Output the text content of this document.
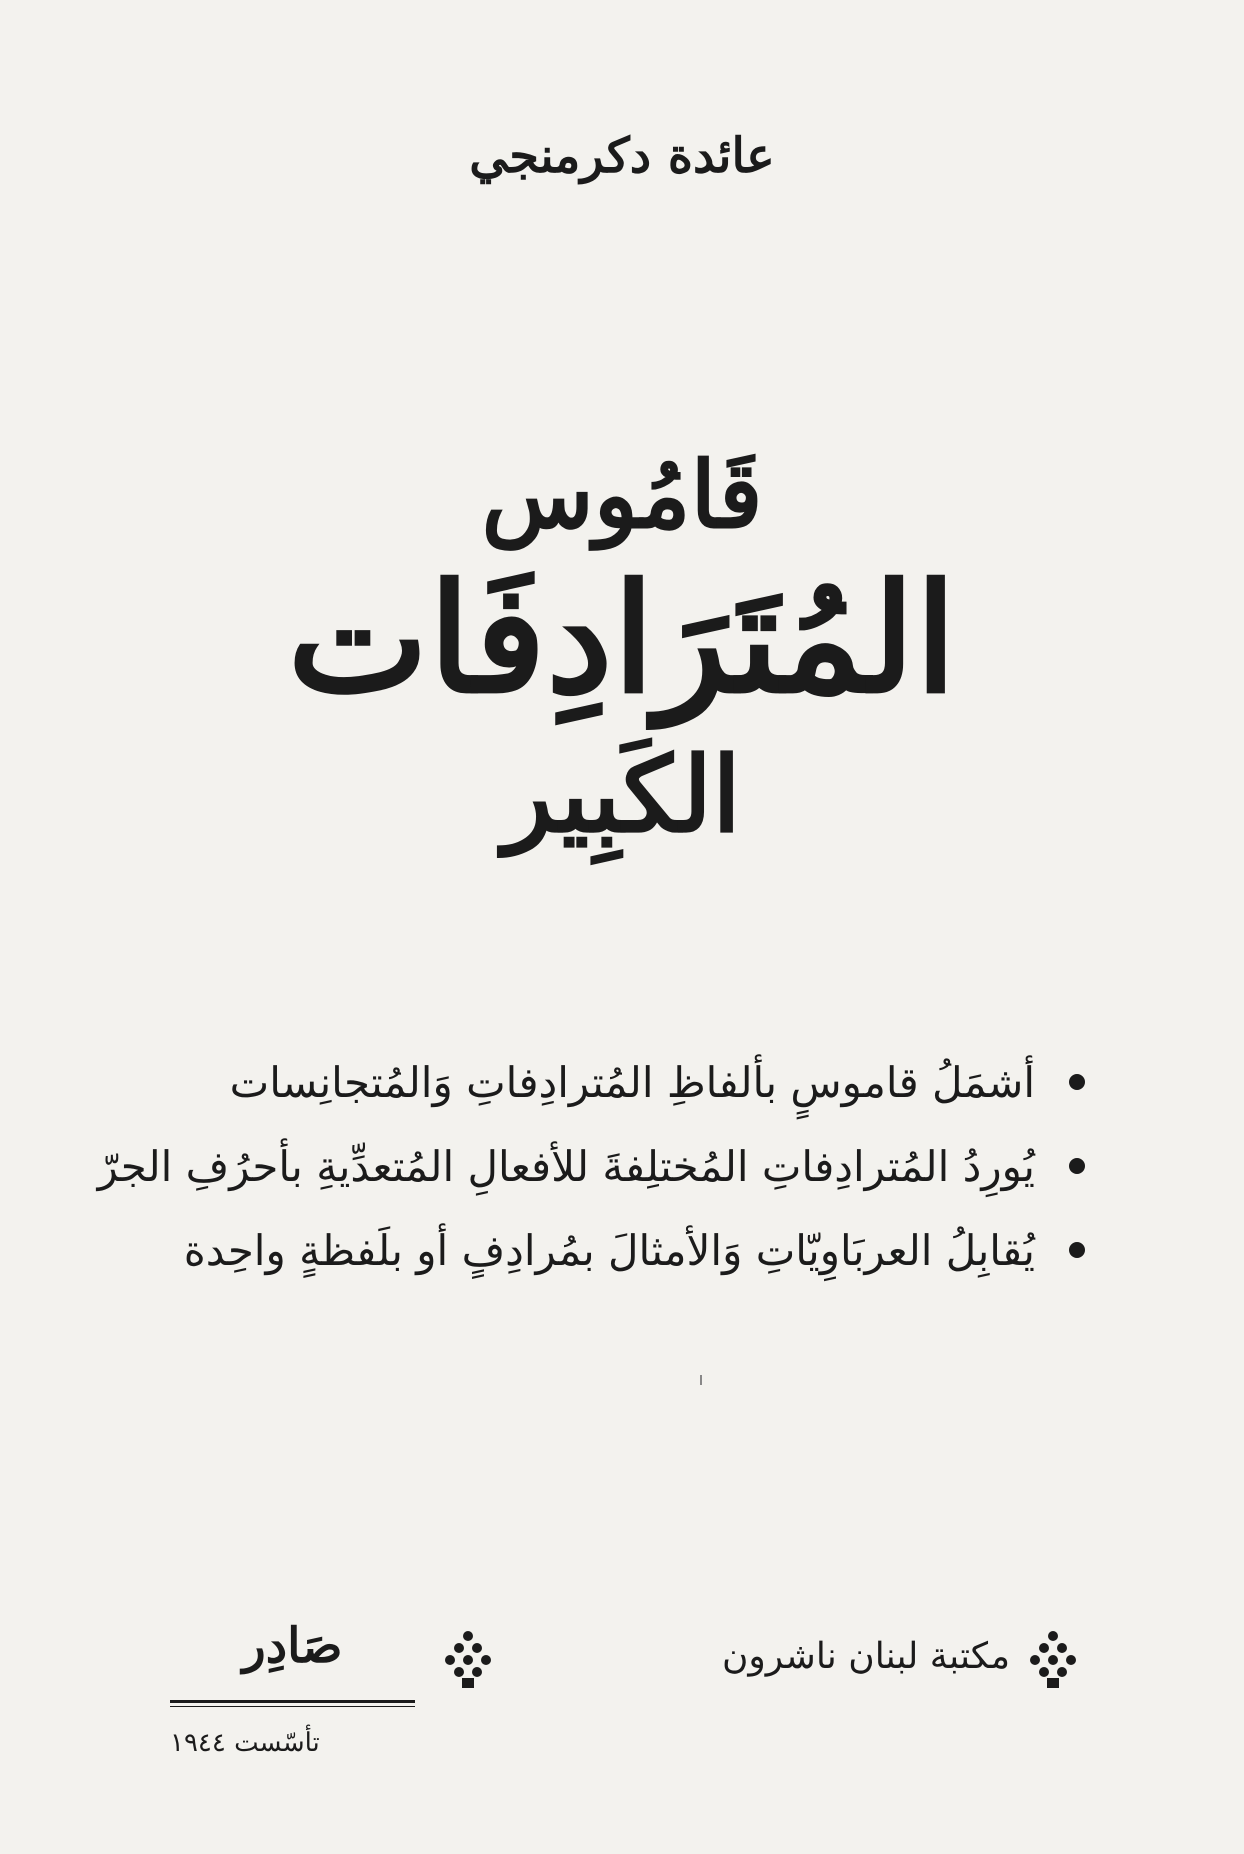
عائدة دكرمنجي
قَامُوس
المُتَرَادِفَات
الكَبِير
أشمَلُ قاموسٍ بألفاظِ المُترادِفاتِ وَالمُتجانِسات
يُورِدُ المُترادِفاتِ المُختلِفةَ للأفعالِ المُتعدِّيةِ بأحرُفِ الجرّ
يُقابِلُ العربَاوِيّاتِ وَالأمثالَ بمُرادِفٍ أو بلَفظةٍ واحِدة
صَادِر
تأسّست ١٩٤٤
مكتبة لبنان ناشرون
